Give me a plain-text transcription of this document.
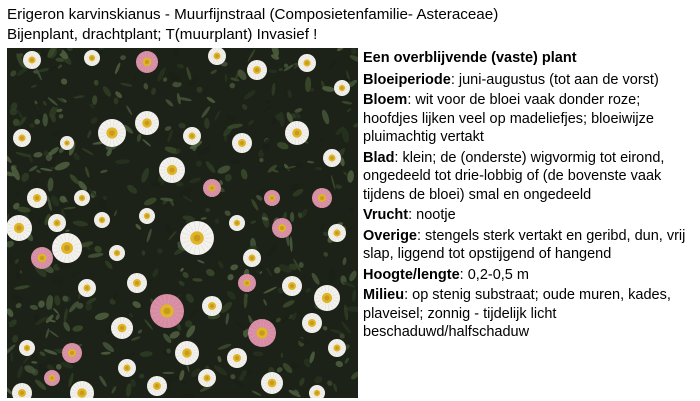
Erigeron karvinskianus - Muurfijnstraal (Composietenfamilie- Asteraceae)
Bijenplant, drachtplant; T(muurplant) Invasief !

Een overblijvende (vaste) plant

Bloeiperiode: juni-augustus (tot aan de vorst)

Bloem: wit voor de bloei vaak donder roze; hoofdjes lijken veel op madeliefjes; bloeiwijze pluimachtig vertakt

Blad: klein; de (onderste) wigvormig tot eirond, ongedeeld tot drie-lobbig of (de bovenste vaak tijdens de bloei) smal en ongedeeld

Vrucht: nootje

Overige: stengels sterk vertakt en geribd, dun, vrij slap, liggend tot opstijgend of hangend

Hoogte/lengte: 0,2-0,5 m

Milieu: op stenig substraat; oude muren, kades, plaveisel; zonnig - tijdelijk licht beschaduwd/halfschaduw
